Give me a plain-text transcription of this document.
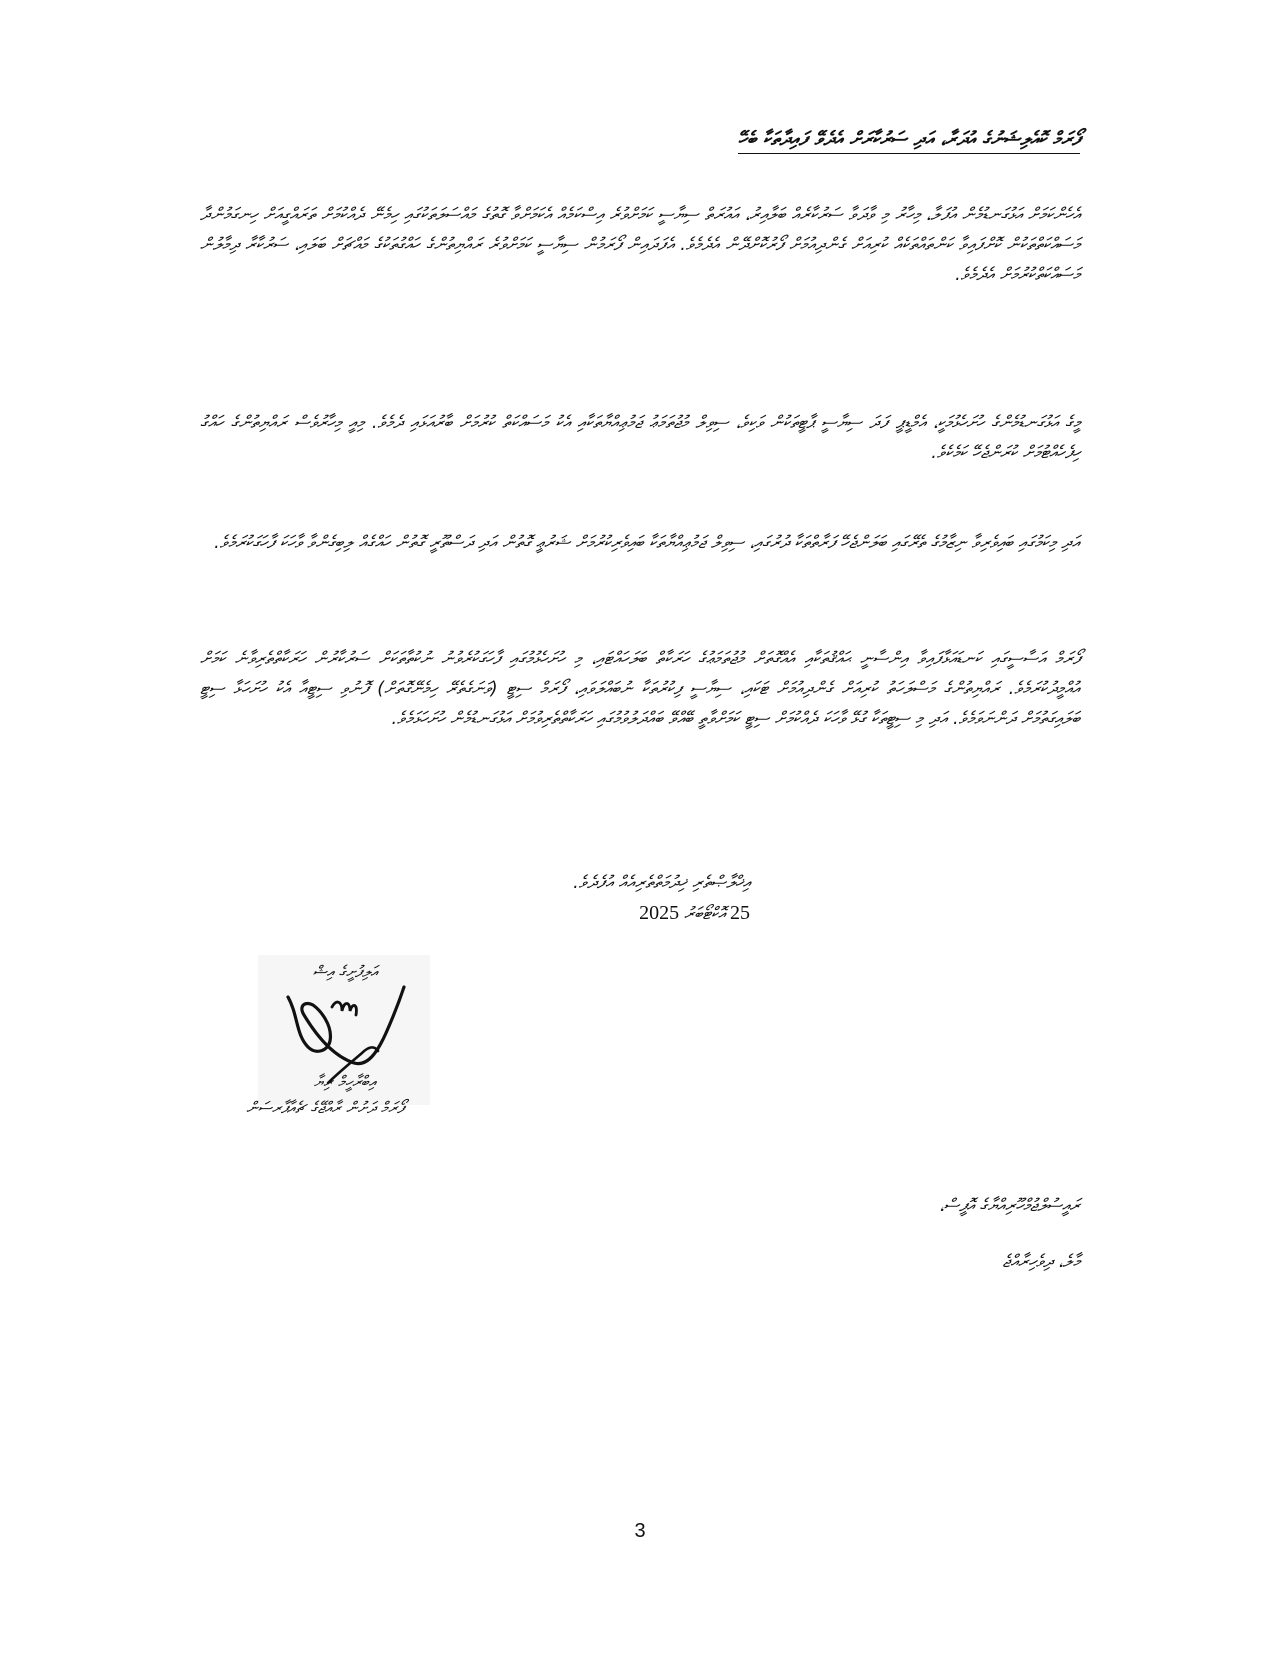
ފޯރަމް ކޮއެލިޝަނުގެ އުދަރާ، އަދި ސަރުކާރަށް އެދެވޭ ފައިދާތަކާ ބެހޭ
އެހެންކަމަށް އަޅުގަނޑުމެން އުފަލާ، މިހާރު މި ވާދަވާ ސަރުކާރެއް ބަލާއިރު، އައުރަތް ސިޔާސީ ކަމަށްވުރެ އިސްކަމެއް އެކަމަށްވާ ގޮތުގެ މައްސަލަތަކުގައި ހިމެނޭ ދެއްކުމަށް ތަރައްގީއަށް ހިނގަމުންދާ މަސައްކަތްތަކުން ކޮށްފައިވާ ކަންތައްތަކެއް ކުރިއަށް ގެންދިއުމަށް ފޯރުކޮށްދޭން އެދެމެވެ. އެފަދައިން ފޯރަމުން ސިޔާސީ ކަމަށްވުރެ ރައްޔިތުންގެ ހައްގުތަކުގެ މައްޗަށް ބަލައި، ސަރުކާރާ ދިމާލުން މަސައްކަތްކުރުމަށް އެދެމެވެ.
މީގެ އަޅުގަނޑުމެންގެ ހުށަހެޅުމަކީ، އެމްޑީޕީ ފަދަ ސިޔާސީ ޕާޓީތަކުން ވަކިވެ، ސިވިލް މުޖުތަމަޢު ޖަމުޢިއްޔާތަކާއި އެކު މަސައްކަތް ކުރުމަށް ބާރުއަޅައި ދެމެވެ. މިއީ މިހާރުވެސް ރައްޔިތުންގެ ހައްގު ހިފެހެއްޓުމަށް ކުރަންޖެހޭ ކަމެކެވެ.
އަދި މިކަމުގައި ބައިވެރިވާ ނިޒާމުގެ ތެރޭގައި ބަލަންޖެހޭ ފަރާތްތަކާ ދުރުގައި، ސިވިލް ޖަމުޢިއްޔާތަކާ ބައިވެރިކުރުމަށް ޝަރުޢީ ގޮތުން އަދި ދަސްތޫރީ ގޮތުން ހައްގެއް ލިބިގެންވާ ވާހަކަ ފާހަގަކުރަމެވެ.
ފޯރަމް އަސާސީގައި ކަނޑައަޅާފައިވާ އިންސާނީ ޙައްޤުތަކާއި އެއްގޮތަށް މުޖުތަމަޢުގެ ހަރަކާތް ބަލަހައްޓައި، މި ހުށަހެޅުމުގައި ފާހަގަކުރެވުނު ނުކުތާތަކަށް ސަރުކާރުން ހަރަކާތްތެރިވާނެ ކަމަށް އުއްމީދުކުރަމެވެ. ރައްޔިތުންގެ މަސްލަހަތު ކުރިއަށް ގެންދިއުމަށް ޓަކައި، ސިޔާސީ ފިކުރުތަކާ ނުބައްލަވައި، ފޯރަމް ސިޓީ (ވަނަގެތެރޭ ހިމެނޭގޮތަށް) ފޮނުވި ސިޓީއާ އެކު ހުށަހަޅާ ސިޓީ ބަލައިގަތުމަށް ދަންނަވަމެވެ. އަދި މި ސިޓީތަކާ ގުޅޭ ވާހަކަ ދެއްކުމަށް ސިޓީ ކަމަށްވާތީ ބޭއްވޭ ބައްދަލުވުމުގައި ހަރަކާތްތެރިވުމަށް އަޅުގަނޑުމެން ހުށަހަޅަމެވެ.
އިޚްލާޞްތެރި ޚިދުމަތްތެރިއެއް އުފެދެވެ.
25 އޮކްޓޯބަރު 2025
އަލިފުށީގެ އިޝް
އިބްރާހީމް ރިޔާ
ފޯރަމް ދަށުން ރާއްޖޭގެ ޗެއާޕާރސަން
ރައީސުލްޖުމްހޫރިއްޔާގެ އޮފީސް،
މާލެ، ދިވެހިރާއްޖެ
3
